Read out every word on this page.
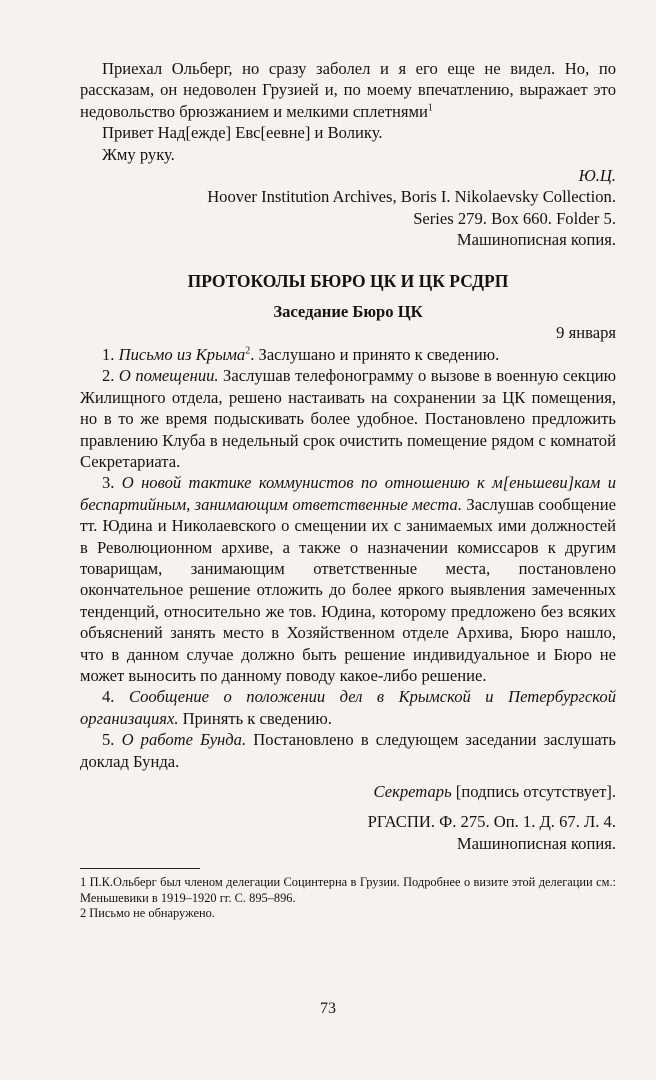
Приехал Ольберг, но сразу заболел и я его еще не видел. Но, по рассказам, он недоволен Грузией и, по моему впечатлению, выражает это недовольство брюзжанием и мелкими сплетнями$^1$

Привет Над[ежде] Евс[еевне] и Волику.

Жму руку.

Ю.Ц.

Hoover Institution Archives, Boris I. Nikolaevsky Collection.

Series 279. Box 660. Folder 5.

Машинописная копия.

ПРОТОКОЛЫ БЮРО ЦК И ЦК РСДРП

Заседание Бюро ЦК

9 января

1. Письмо из Крыма$^2$. Заслушано и принято к сведению.

2. О помещении. Заслушав телефонограмму о вызове в военную секцию Жилищного отдела, решено настаивать на сохранении за ЦК помещения, но в то же время подыскивать более удобное. Постановлено предложить правлению Клуба в недельный срок очистить помещение рядом с комнатой Секретариата.

3. О новой тактике коммунистов по отношению к м[еньшеви]кам и беспартийным, занимающим ответственные места. Заслушав сообщение тт. Юдина и Николаевского о смещении их с занимаемых ими должностей в Революционном архиве, а также о назначении комиссаров к другим товарищам, занимающим ответственные места, постановлено окончательное решение отложить до более яркого выявления замеченных тенденций, относительно же тов. Юдина, которому предложено без всяких объяснений занять место в Хозяйственном отделе Архива, Бюро нашло, что в данном случае должно быть решение индивидуальное и Бюро не может выносить по данному поводу какое-либо решение.

4. Сообщение о положении дел в Крымской и Петербургской организациях. Принять к сведению.

5. О работе Бунда. Постановлено в следующем заседании заслушать доклад Бунда.

Секретарь [подпись отсутствует].

РГАСПИ. Ф. 275. Оп. 1. Д. 67. Л. 4.

Машинописная копия.

1 П.К.Ольберг был членом делегации Социнтерна в Грузии. Подробнее о визите этой делегации см.: Меньшевики в 1919–1920 гг. С. 895–896.

2 Письмо не обнаружено.

73
